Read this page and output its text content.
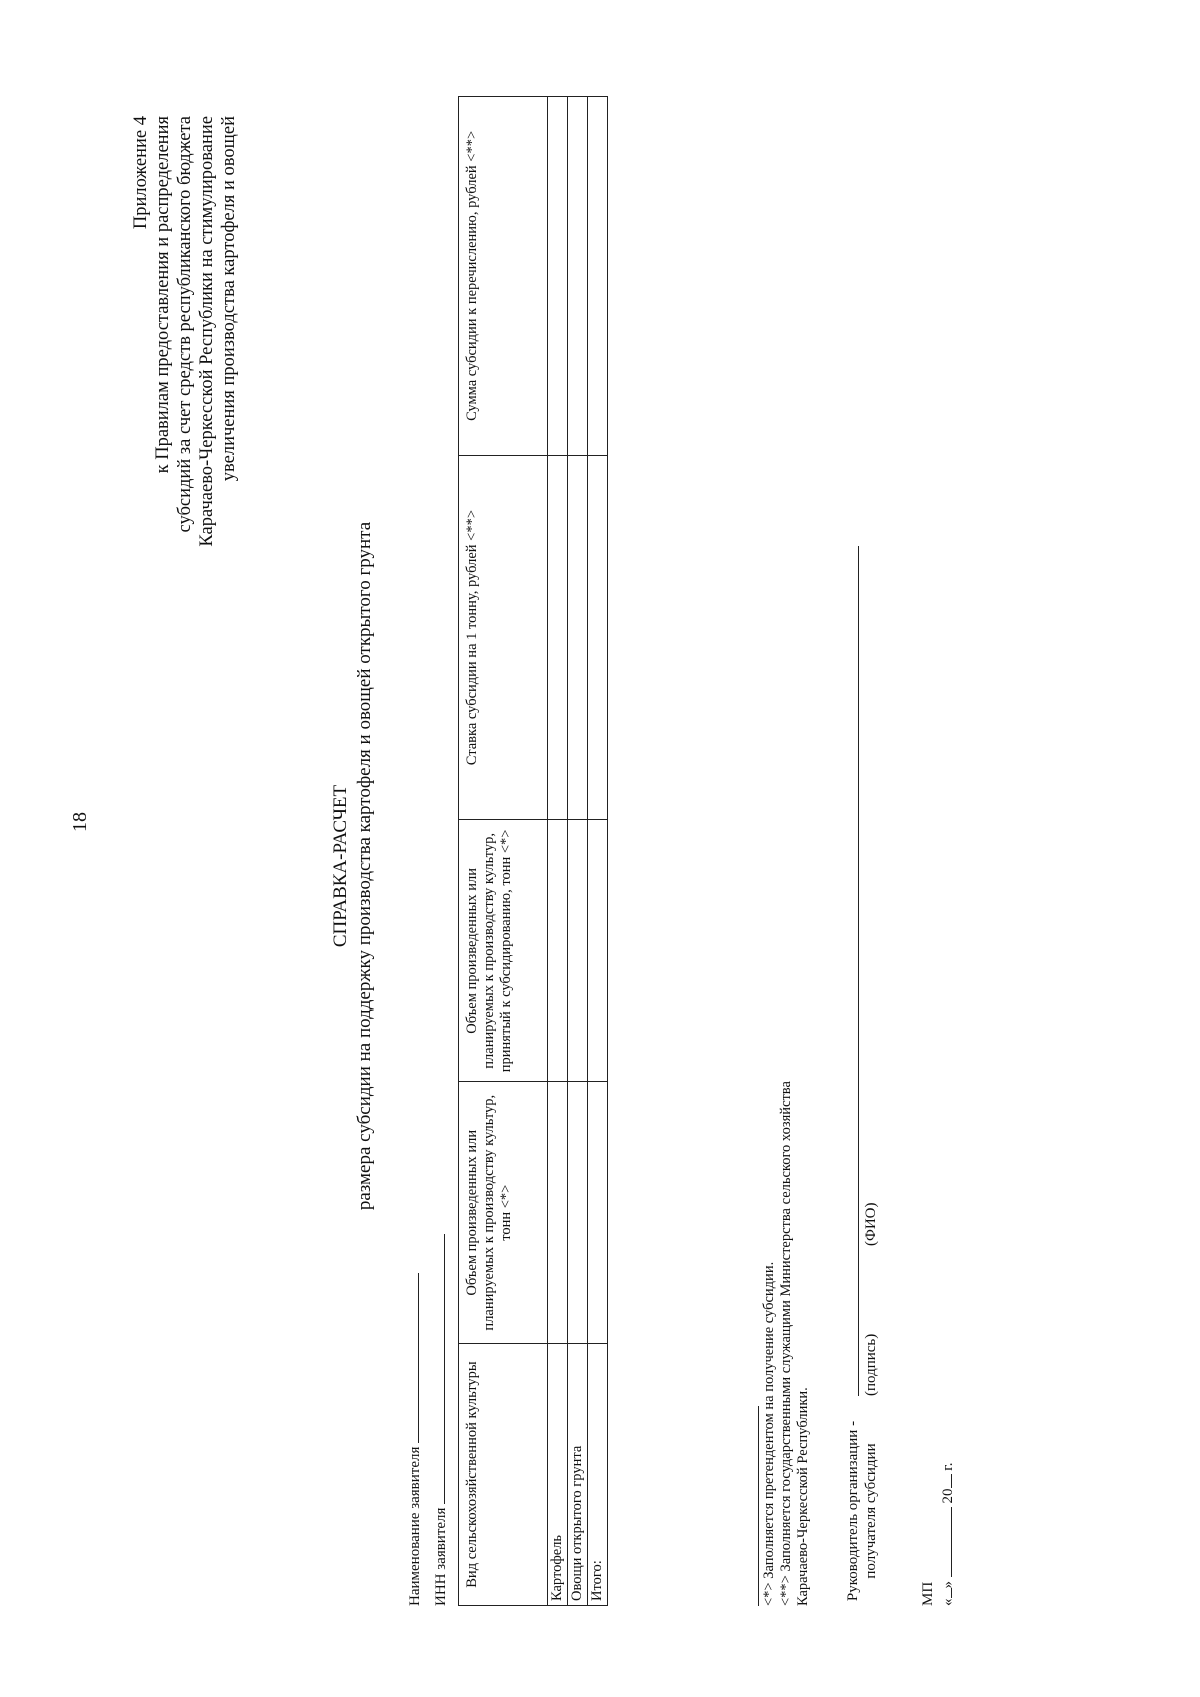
18
Приложение 4 к Правилам предоставления и распределения субсидий за счет средств республиканского бюджета Карачаево-Черкесской Республики на стимулирование увеличения производства картофеля и овощей
СПРАВКА-РАСЧЕТ размера субсидии на поддержку производства картофеля и овощей открытого грунта
Наименование заявителя ИНН заявителя Вид сельскохозяйственной культуры	Объем произведенных или планируемых к производству культур, тонн <*>	Объем произведенных или планируемых к производству культур, принятый к субсидированию, тонн <*>	Ставка субсидии на 1 тонну, рублей <**>	Сумма субсидии к перечислению, рублей <**>
Картофель				
Овощи открытого грунта				
Итого:					<*> Заполняется претендентом на получение субсидии. <**> Заполняется государственными служащими Министерства сельского хозяйства Карачаево-Черкесской Республики. Руководитель организации - получателя субсидии
(подпись)
(ФИО)
МП «»  20 г.
